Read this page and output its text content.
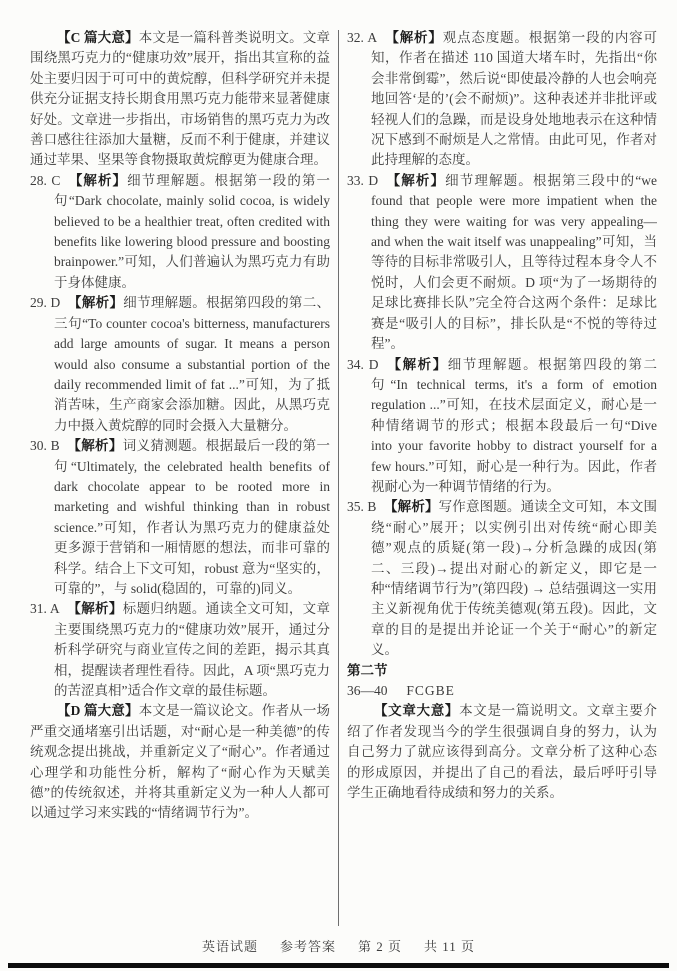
【C 篇大意】本文是一篇科普类说明文。文章围绕黑巧克力的“健康功效”展开，指出其宣称的益处主要归因于可可中的黄烷醇，但科学研究并未提供充分证据支持长期食用黑巧克力能带来显著健康好处。文章进一步指出，市场销售的黑巧克力为改善口感往往添加大量糖，反而不利于健康，并建议通过苹果、坚果等食物摄取黄烷醇更为健康合理。

28. C 【解析】细节理解题。根据第一段的第一句“Dark chocolate, mainly solid cocoa, is widely believed to be a healthier treat, often credited with benefits like lowering blood pressure and boosting brainpower.”可知，人们普遍认为黑巧克力有助于身体健康。

29. D 【解析】细节理解题。根据第四段的第二、三句“To counter cocoa's bitterness, manufacturers add large amounts of sugar. It means a person would also consume a substantial portion of the daily recommended limit of fat ...”可知，为了抵消苦味，生产商家会添加糖。因此，从黑巧克力中摄入黄烷醇的同时会摄入大量糖分。

30. B 【解析】词义猜测题。根据最后一段的第一句“Ultimately, the celebrated health benefits of dark chocolate appear to be rooted more in marketing and wishful thinking than in robust science.”可知，作者认为黑巧克力的健康益处更多源于营销和一厢情愿的想法，而非可靠的科学。结合上下文可知，robust 意为“坚实的，可靠的”，与 solid(稳固的，可靠的)同义。

31. A 【解析】标题归纳题。通读全文可知，文章主要围绕黑巧克力的“健康功效”展开，通过分析科学研究与商业宣传之间的差距，揭示其真相，提醒读者理性看待。因此，A 项“黑巧克力的苦涩真相”适合作文章的最佳标题。

【D 篇大意】本文是一篇议论文。作者从一场严重交通堵塞引出话题，对“耐心是一种美德”的传统观念提出挑战，并重新定义了“耐心”。作者通过心理学和功能性分析，解构了“耐心作为天赋美德”的传统叙述，并将其重新定义为一种人人都可以通过学习来实践的“情绪调节行为”。

32. A 【解析】观点态度题。根据第一段的内容可知，作者在描述 110 国道大堵车时，先指出“你会非常倒霉”，然后说“即使最冷静的人也会响亮地回答‘是的’(会不耐烦)”。这种表述并非批评或轻视人们的急躁，而是设身处地地表示在这种情况下感到不耐烦是人之常情。由此可见，作者对此持理解的态度。

33. D 【解析】细节理解题。根据第三段中的“we found that people were more impatient when the thing they were waiting for was very appealing—and when the wait itself was unappealing”可知，当等待的目标非常吸引人，且等待过程本身令人不悦时，人们会更不耐烦。D 项“为了一场期待的足球比赛排长队”完全符合这两个条件：足球比赛是“吸引人的目标”，排长队是“不悦的等待过程”。

34. D 【解析】细节理解题。根据第四段的第二句“In technical terms, it's a form of emotion regulation ...”可知，在技术层面定义，耐心是一种情绪调节的形式；根据本段最后一句“Dive into your favorite hobby to distract yourself for a few hours.”可知，耐心是一种行为。因此，作者视耐心为一种调节情绪的行为。

35. B 【解析】写作意图题。通读全文可知，本文围绕“耐心”展开；以实例引出对传统“耐心即美德”观点的质疑(第一段)→分析急躁的成因(第二、三段)→提出对耐心的新定义，即它是一种“情绪调节行为”(第四段) → 总结强调这一实用主义新视角优于传统美德观(第五段)。因此，文章的目的是提出并论证一个关于“耐心”的新定义。

第二节

36—40 FCGBE

【文章大意】本文是一篇说明文。文章主要介绍了作者发现当今的学生很强调自身的努力，认为自己努力了就应该得到高分。文章分析了这种心态的形成原因，并提出了自己的看法，最后呼吁引导学生正确地看待成绩和努力的关系。

英语试题 参考答案 第 2 页 共 11 页
